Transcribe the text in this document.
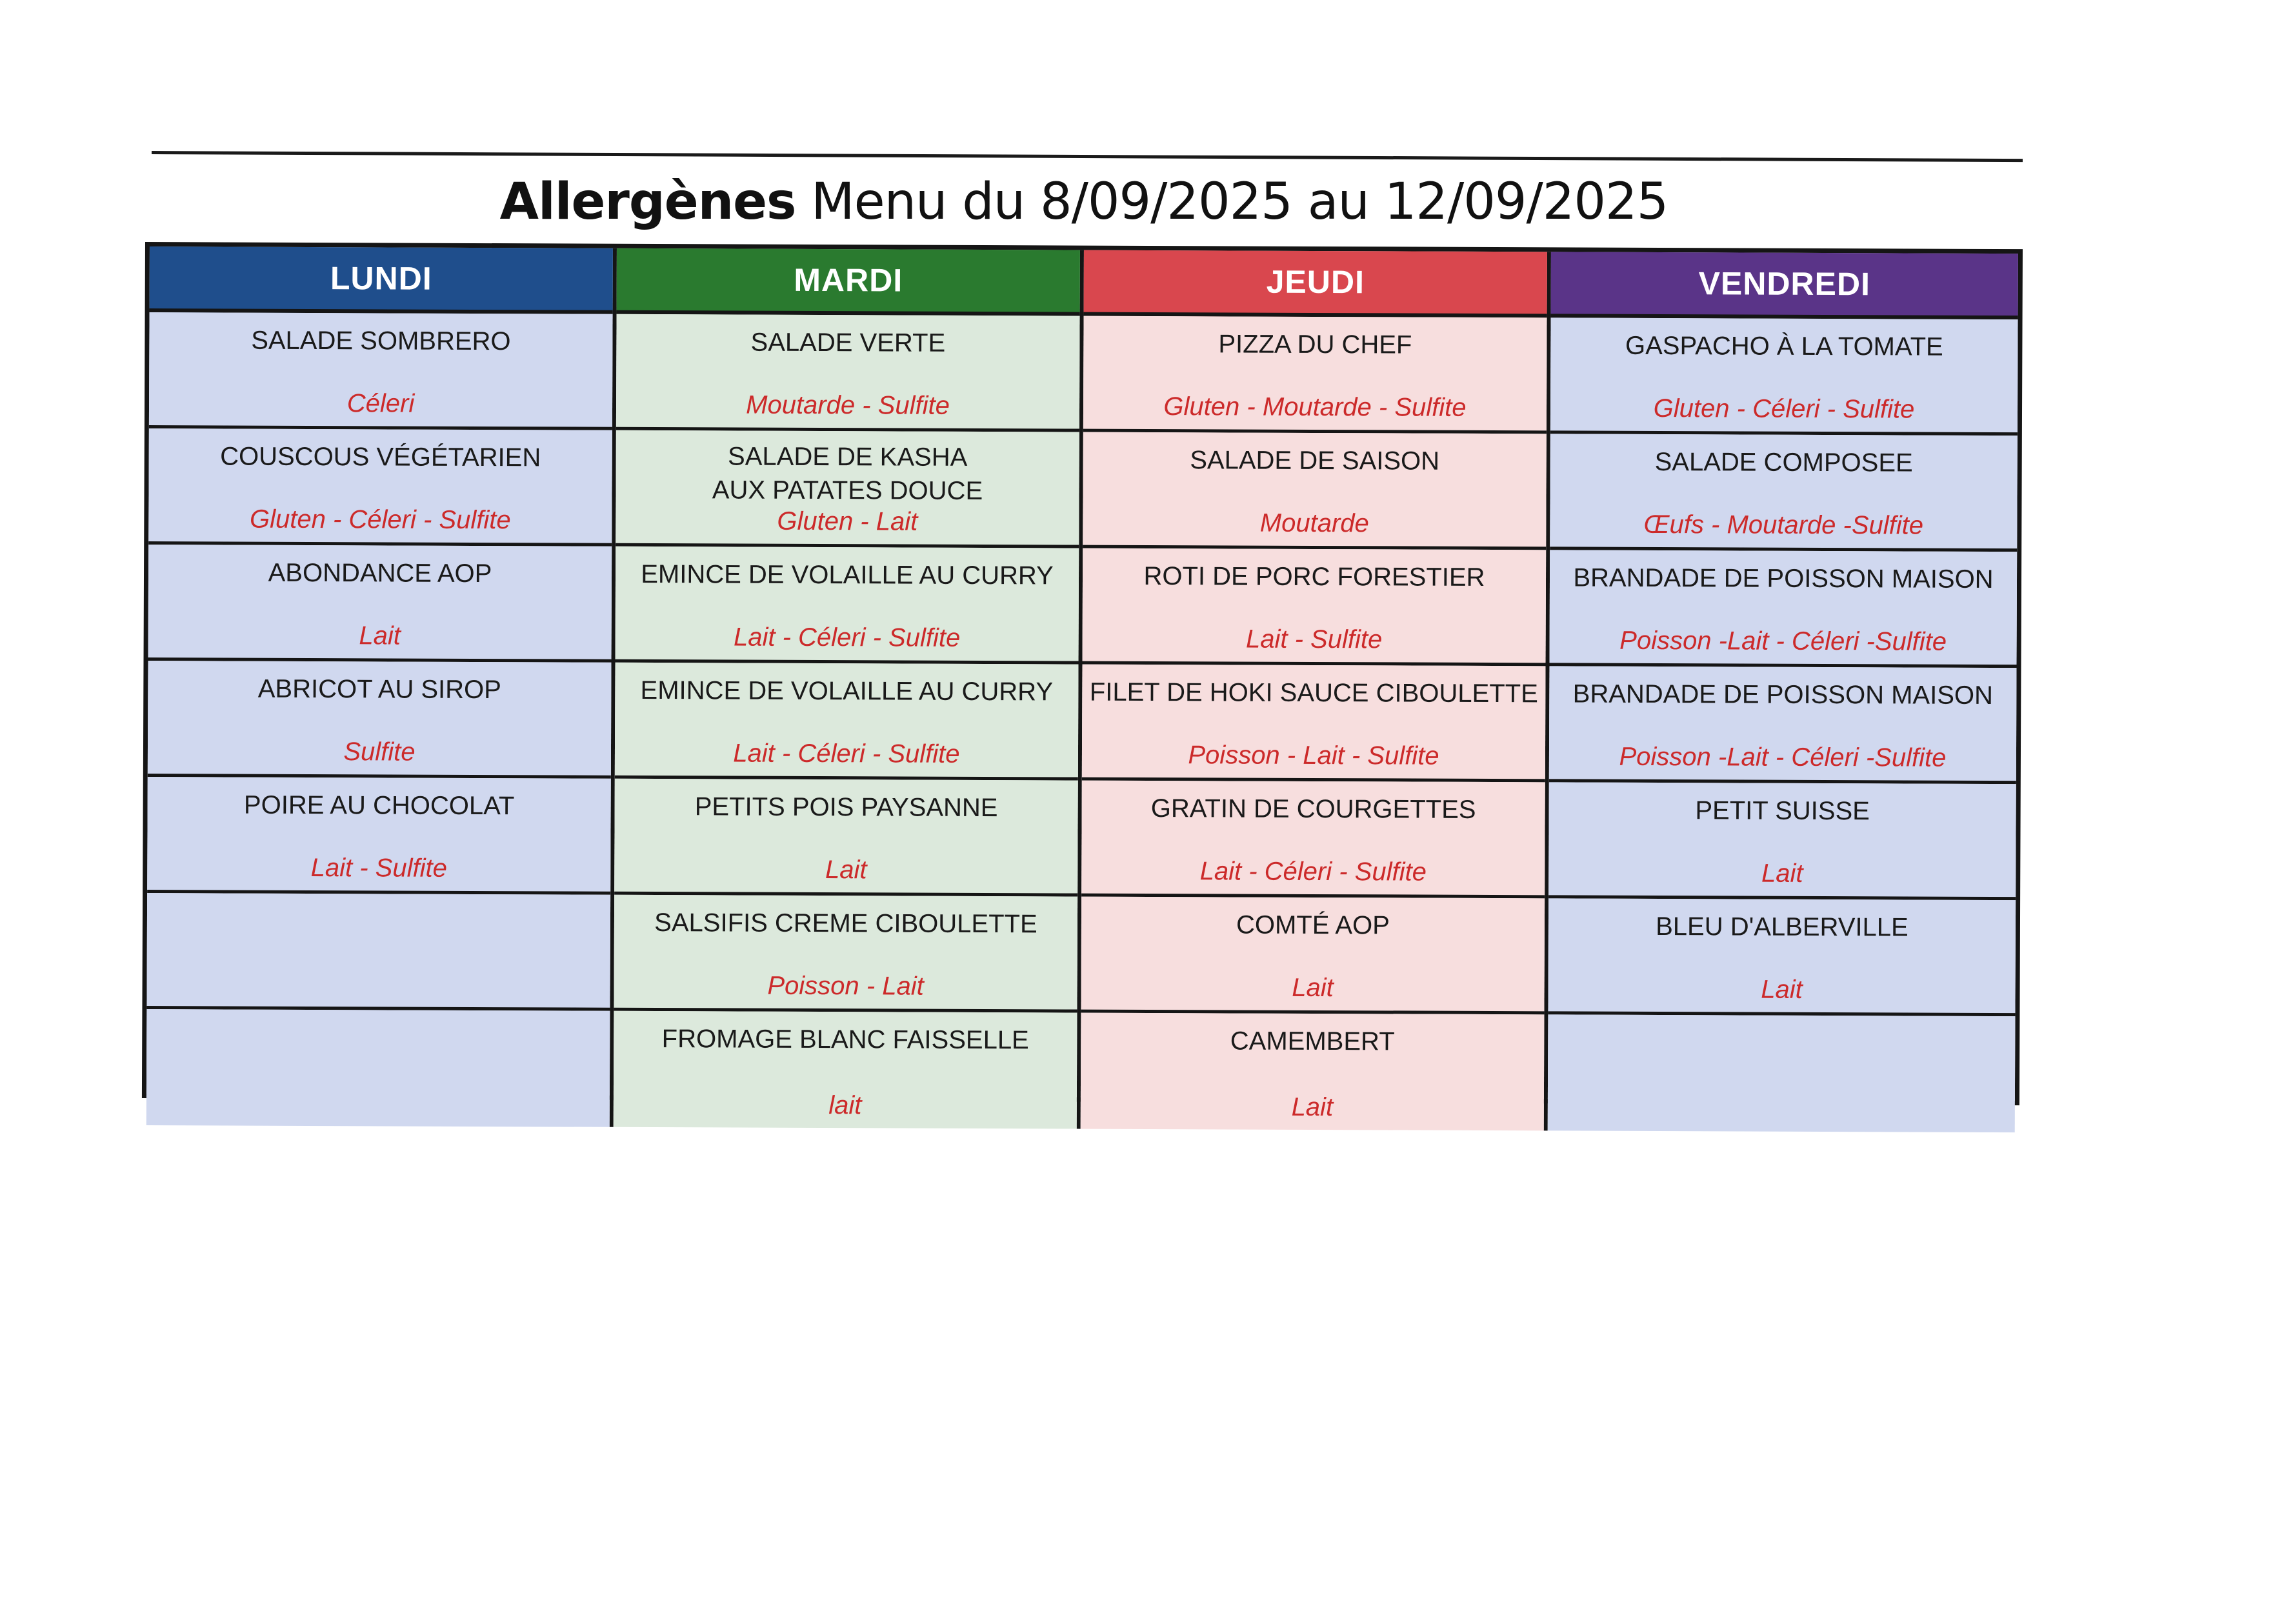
Allergènes Menu du 8/09/2025 au 12/09/2025
LUNDI
SALADE SOMBRERO
Céleri
COUSCOUS VÉGÉTARIEN
Gluten - Céleri - Sulfite
ABONDANCE AOP
Lait
ABRICOT AU SIROP
Sulfite
POIRE AU CHOCOLAT
Lait - Sulfite
MARDI
SALADE VERTE
Moutarde - Sulfite
SALADE DE KASHA
AUX PATATES DOUCE
Gluten - Lait
EMINCE DE VOLAILLE AU CURRY
Lait - Céleri - Sulfite
EMINCE DE VOLAILLE AU CURRY
Lait - Céleri - Sulfite
PETITS POIS PAYSANNE
Lait
SALSIFIS CREME CIBOULETTE
Poisson - Lait
FROMAGE BLANC FAISSELLE
lait
JEUDI
PIZZA DU CHEF
Gluten - Moutarde - Sulfite
SALADE DE SAISON
Moutarde
ROTI DE PORC FORESTIER
Lait - Sulfite
FILET DE HOKI SAUCE CIBOULETTE
Poisson - Lait - Sulfite
GRATIN DE COURGETTES
Lait - Céleri - Sulfite
COMTÉ AOP
Lait
CAMEMBERT
Lait
VENDREDI
GASPACHO À LA TOMATE
Gluten - Céleri - Sulfite
SALADE COMPOSEE
Œufs - Moutarde -Sulfite
BRANDADE DE POISSON MAISON
Poisson -Lait - Céleri -Sulfite
BRANDADE DE POISSON MAISON
Poisson -Lait - Céleri -Sulfite
PETIT SUISSE
Lait
BLEU D'ALBERVILLE
Lait
